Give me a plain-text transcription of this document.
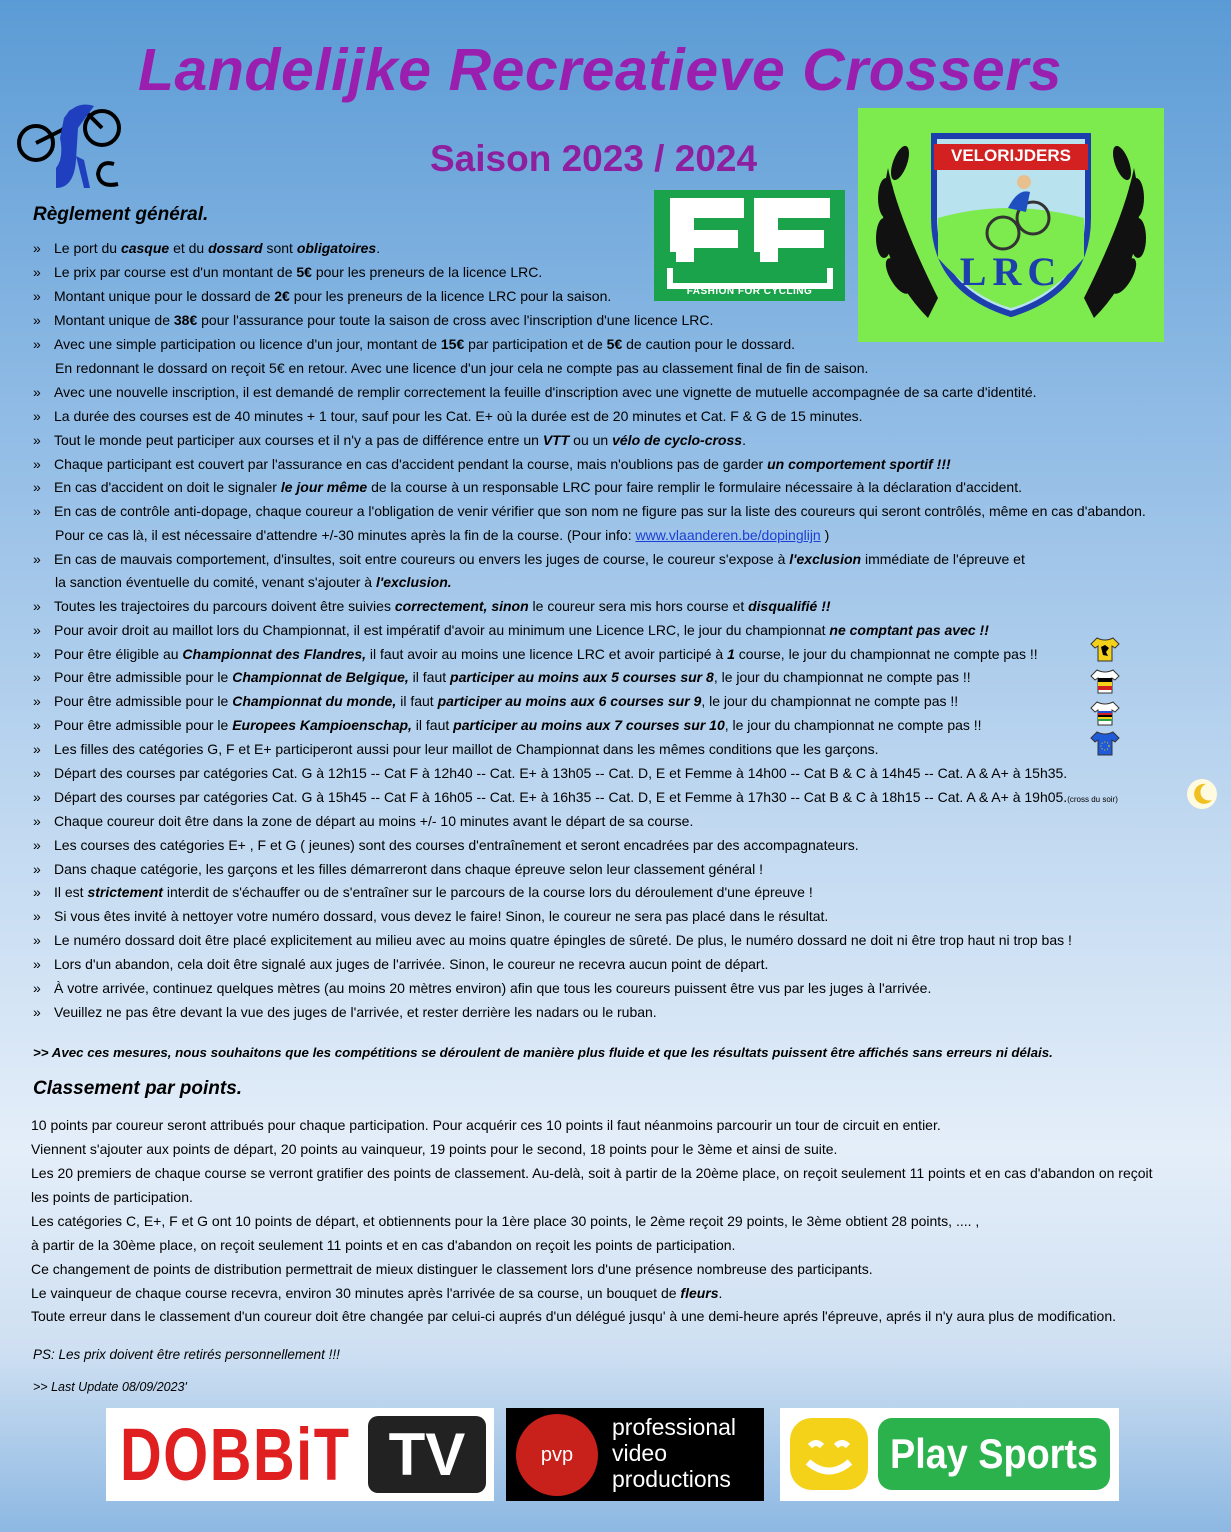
Landelijke Recreatieve Crossers
Saison 2023 / 2024
FASHION FOR CYCLING
VELORIJDERS
LRC
Règlement général.
» Le port du casque et du dossard sont obligatoires.
» Le prix par course est d'un montant de 5€ pour les preneurs de la licence LRC.
» Montant unique pour le dossard de 2€ pour les preneurs de la licence LRC pour la saison.
» Montant unique de 38€ pour l'assurance pour toute la saison de cross avec l'inscription d'une licence LRC.
» Avec une simple participation ou licence d'un jour, montant de 15€ par participation et de 5€ de caution pour le dossard.
En redonnant le dossard on reçoit 5€ en retour. Avec une licence d'un jour cela ne compte pas au classement final de fin de saison.
» Avec une nouvelle inscription, il est demandé de remplir correctement la feuille d'inscription avec une vignette de mutuelle accompagnée de sa carte d'identité.
» La durée des courses est de 40 minutes + 1 tour, sauf pour les Cat. E+ où la durée est de 20 minutes et Cat. F & G de 15 minutes.
» Tout le monde peut participer aux courses et il n'y a pas de différence entre un VTT ou un vélo de cyclo-cross.
» Chaque participant est couvert par l'assurance en cas d'accident pendant la course, mais n'oublions pas de garder un comportement sportif !!!
» En cas d'accident on doit le signaler le jour même de la course à un responsable LRC pour faire remplir le formulaire nécessaire à la déclaration d'accident.
» En cas de contrôle anti-dopage, chaque coureur a l'obligation de venir vérifier que son nom ne figure pas sur la liste des coureurs qui seront contrôlés, même en cas d'abandon.
Pour ce cas là, il est nécessaire d'attendre +/-30 minutes après la fin de la course. (Pour info: www.vlaanderen.be/dopinglijn )
» En cas de mauvais comportement, d'insultes, soit entre coureurs ou envers les juges de course, le coureur s'expose à l'exclusion immédiate de l'épreuve et
la sanction éventuelle du comité, venant s'ajouter à l'exclusion.
» Toutes les trajectoires du parcours doivent être suivies correctement, sinon le coureur sera mis hors course et disqualifié !!
» Pour avoir droit au maillot lors du Championnat, il est impératif d'avoir au minimum une Licence LRC, le jour du championnat ne comptant pas avec !!
» Pour être éligible au Championnat des Flandres, il faut avoir au moins une licence LRC et avoir participé à 1 course, le jour du championnat ne compte pas !!
» Pour être admissible pour le Championnat de Belgique, il faut participer au moins aux 5 courses sur 8, le jour du championnat ne compte pas !!
» Pour être admissible pour le Championnat du monde, il faut participer au moins aux 6 courses sur 9, le jour du championnat ne compte pas !!
» Pour être admissible pour le Europees Kampioenschap, il faut participer au moins aux 7 courses sur 10, le jour du championnat ne compte pas !!
» Les filles des catégories G, F et E+ participeront aussi pour leur maillot de Championnat dans les mêmes conditions que les garçons.
» Départ des courses par catégories Cat. G à 12h15 -- Cat F à 12h40 -- Cat. E+ à 13h05 -- Cat. D, E et Femme à 14h00 -- Cat B & C à 14h45 -- Cat. A & A+ à 15h35.
» Départ des courses par catégories Cat. G à 15h45 -- Cat F à 16h05 -- Cat. E+ à 16h35 -- Cat. D, E et Femme à 17h30 -- Cat B & C à 18h15 -- Cat. A & A+ à 19h05.(cross du soir)
» Chaque coureur doit être dans la zone de départ au moins +/- 10 minutes avant le départ de sa course.
» Les courses des catégories E+ , F et G ( jeunes) sont des courses d'entraînement et seront encadrées par des accompagnateurs.
» Dans chaque catégorie, les garçons et les filles démarreront dans chaque épreuve selon leur classement général !
» Il est strictement interdit de s'échauffer ou de s'entraîner sur le parcours de la course lors du déroulement d'une épreuve !
» Si vous êtes invité à nettoyer votre numéro dossard, vous devez le faire! Sinon, le coureur ne sera pas placé dans le résultat.
» Le numéro dossard doit être placé explicitement au milieu avec au moins quatre épingles de sûreté. De plus, le numéro dossard ne doit ni être trop haut ni trop bas !
» Lors d'un abandon, cela doit être signalé aux juges de l'arrivée. Sinon, le coureur ne recevra aucun point de départ.
» À votre arrivée, continuez quelques mètres (au moins 20 mètres environ) afin que tous les coureurs puissent être vus par les juges à l'arrivée.
» Veuillez ne pas être devant la vue des juges de l'arrivée, et rester derrière les nadars ou le ruban.
>> Avec ces mesures, nous souhaitons que les compétitions se déroulent de manière plus fluide et que les résultats puissent être affichés sans erreurs ni délais.
Classement par points.
10 points par coureur seront attribués pour chaque participation. Pour acquérir ces 10 points il faut néanmoins parcourir un tour de circuit en entier.
Viennent s'ajouter aux points de départ, 20 points au vainqueur, 19 points pour le second, 18 points pour le 3ème et ainsi de suite.
Les 20 premiers de chaque course se verront gratifier des points de classement. Au-delà, soit à partir de la 20ème place, on reçoit seulement 11 points et en cas d'abandon on reçoit
les points de participation.
Les catégories C, E+, F et G ont 10 points de départ, et obtiennents pour la 1ère place 30 points, le 2ème reçoit 29 points, le 3ème obtient 28 points, .... ,
à partir de la 30ème place, on reçoit seulement 11 points et en cas d'abandon on reçoit les points de participation.
Ce changement de points de distribution permettrait de mieux distinguer le classement lors d'une présence nombreuse des participants.
Le vainqueur de chaque course recevra, environ 30 minutes après l'arrivée de sa course, un bouquet de fleurs.
Toute erreur dans le classement d'un coureur doit être changée par celui-ci auprés d'un délégué jusqu' à une demi-heure aprés l'épreuve, aprés il n'y aura plus de modification.
PS: Les prix doivent être retirés personnellement !!!
>> Last Update 08/09/2023'
DOBBiT TV	pvp
professional
video
productions
Play Sports
